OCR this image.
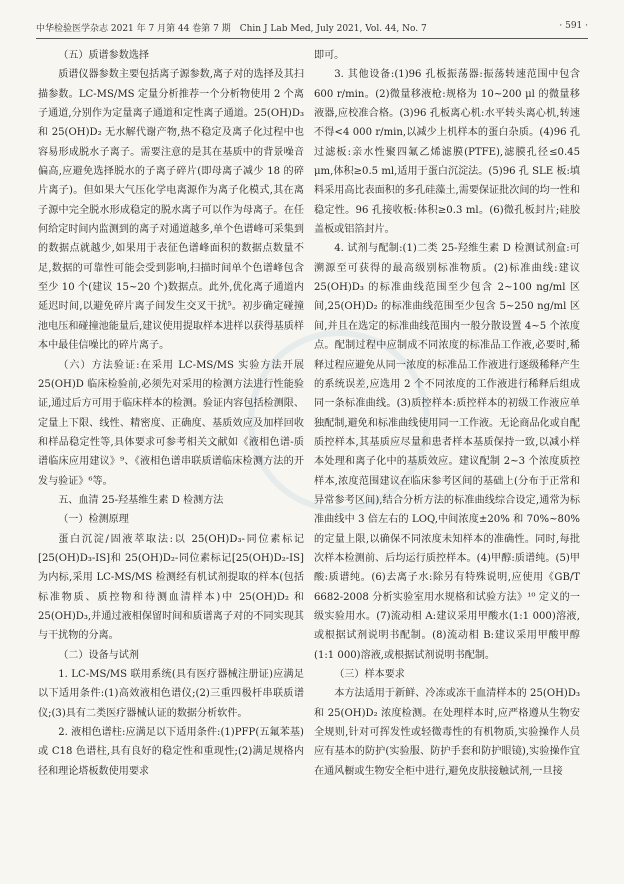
中华检验医学杂志 2021 年 7 月第 44 卷第 7 期　Chin J Lab Med, July 2021, Vol. 44, No. 7	· 591 ·
（五）质谱参数选择

质谱仪器参数主要包括离子源参数,离子对的选择及其扫描参数。LC-MS/MS 定量分析推荐一个分析物使用 2 个离子通道,分别作为定量离子通道和定性离子通道。25(OH)D₃ 和 25(OH)D₂ 无水解代谢产物,热不稳定及离子化过程中也容易形成脱水子离子。需要注意的是其在基质中的背景噪音偏高,应避免选择脱水的子离子碎片(即母离子减少 18 的碎片离子)。但如果大气压化学电离源作为离子化模式,其在离子源中完全脱水形成稳定的脱水离子可以作为母离子。在任何给定时间内监测到的离子对通道越多,单个色谱峰可采集到的数据点就越少,如果用于表征色谱峰面积的数据点数量不足,数据的可靠性可能会受到影响,扫描时间单个色谱峰包含至少 10 个(建议 15~20 个)数据点。此外,优化离子通道内延迟时间,以避免碎片离子间发生交叉干扰⁵。初步确定碰撞池电压和碰撞池能量后,建议使用提取样本进样以获得基质样本中最佳信噪比的碎片离子。

（六）方法验证:在采用 LC-MS/MS 实验方法开展 25(OH)D 临床检验前,必须先对采用的检测方法进行性能验证,通过后方可用于临床样本的检测。验证内容包括检测限、定量上下限、线性、精密度、正确度、基质效应及加样回收和样品稳定性等,具体要求可参考相关文献如《液相色谱-质谱临床应用建议》⁹、《液相色谱串联质谱临床检测方法的开发与验证》⁶等。

五、血清 25-羟基维生素 D 检测方法
（一）检测原理

蛋白沉淀/固液萃取法:以 25(OH)D₃-同位素标记[25(OH)D₃-IS]和 25(OH)D₂-同位素标记[25(OH)D₂-IS]为内标,采用 LC-MS/MS 检测经有机试剂提取的样本(包括标准物质、质控物和待测血清样本)中 25(OH)D₂ 和 25(OH)D₃,并通过液相保留时间和质谱离子对的不同实现其与干扰物的分离。

（二）设备与试剂

1. LC-MS/MS 联用系统(具有医疗器械注册证)应满足以下适用条件:(1)高效液相色谱仪;(2)三重四极杆串联质谱仪;(3)具有二类医疗器械认证的数据分析软件。

2. 液相色谱柱:应满足以下适用条件:(1)PFP(五氟苯基)或 C18 色谱柱,具有良好的稳定性和重现性;(2)满足规格内径和理论塔板数使用要求

即可。

3. 其他设备:(1)96 孔板振荡器:振荡转速范围中包含 600 r/min。(2)微量移液枪:规格为 10~200 μl 的微量移液器,应校准合格。(3)96 孔板离心机:水平转头离心机,转速不得<4 000 r/min,以减少上机样本的蛋白杂质。(4)96 孔过滤板:亲水性聚四氟乙烯滤膜(PTFE),滤膜孔径≤0.45 μm,体积≥0.5 ml,适用于蛋白沉淀法。(5)96 孔 SLE 板:填料采用高比表面积的多孔硅藻土,需要保证批次间的均一性和稳定性。96 孔接收板:体积≥0.3 ml。(6)微孔板封片;硅胶盖板或铝箔封片。

4. 试剂与配制:(1)二类 25-羟维生素 D 检测试剂盒:可溯源至可获得的最高级别标准物质。(2)标准曲线:建议 25(OH)D₃ 的标准曲线范围至少包含 2~100 ng/ml 区间,25(OH)D₂ 的标准曲线范围至少包含 5~250 ng/ml 区间,并且在选定的标准曲线范围内一般分散设置 4~5 个浓度点。配制过程中应制成不同浓度的标准品工作液,必要时,稀释过程应避免从同一浓度的标准品工作液进行逐级稀释产生的系统误差,应选用 2 个不同浓度的工作液进行稀释后组成同一条标准曲线。(3)质控样本:质控样本的初级工作液应单独配制,避免和标准曲线使用同一工作液。无论商品化或自配质控样本,其基质应尽量和患者样本基质保持一致,以减小样本处理和离子化中的基质效应。建议配制 2~3 个浓度质控样本,浓度范围建议在临床参考区间的基础上(分布于正常和异常参考区间),结合分析方法的标准曲线综合设定,通常为标准曲线中 3 倍左右的 LOQ,中间浓度±20% 和 70%~80% 的定量上限,以确保不同浓度未知样本的准确性。同时,每批次样本检测前、后均运行质控样本。(4)甲醇:质谱纯。(5)甲酸:质谱纯。(6)去离子水:除另有特殊说明,应使用《GB/T 6682-2008 分析实验室用水规格和试验方法》¹⁰ 定义的一级实验用水。(7)流动相 A:建议采用甲酸水(1:1 000)溶液,或根据试剂说明书配制。(8)流动相 B:建议采用甲酸甲醇(1:1 000)溶液,或根据试剂说明书配制。

（三）样本要求

本方法适用于新鲜、冷冻或冻干血清样本的 25(OH)D₃ 和 25(OH)D₂ 浓度检测。在处理样本时,应严格遵从生物安全规则,针对可挥发性或轻微毒性的有机物质,实验操作人员应有基本的防护(实验服、防护手套和防护眼镜),实验操作宜在通风橱或生物安全柜中进行,避免皮肤接触试剂,一旦接
